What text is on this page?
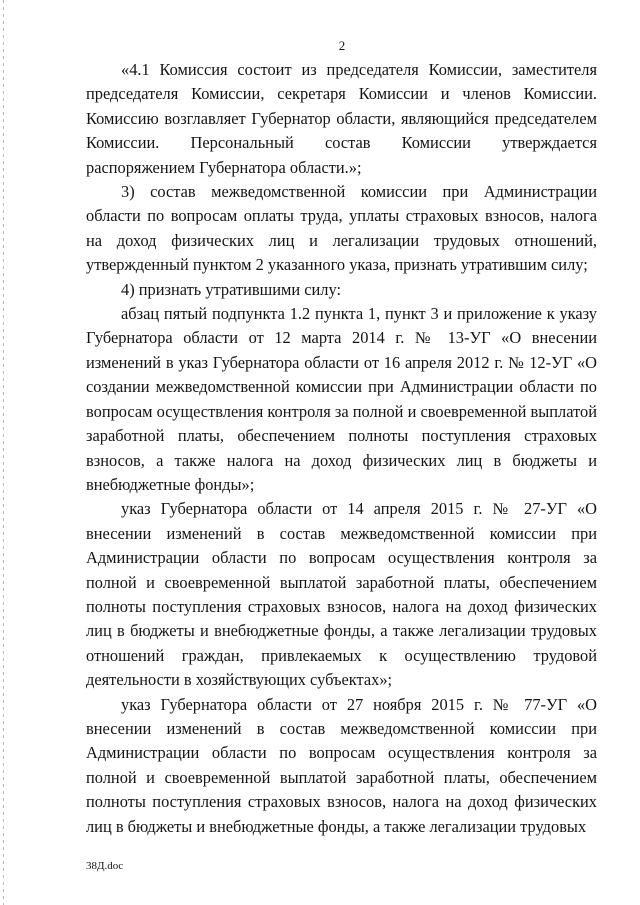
2

«4.1 Комиссия состоит из председателя Комиссии, заместителя председателя Комиссии, секретаря Комиссии и членов Комиссии. Комиссию возглавляет Губернатор области, являющийся председателем Комиссии. Персональный состав Комиссии утверждается распоряжением Губернатора области.»;

3) состав межведомственной комиссии при Администрации области по вопросам оплаты труда, уплаты страховых взносов, налога на доход физических лиц и легализации трудовых отношений, утвержденный пунктом 2 указанного указа, признать утратившим силу;

4) признать утратившими силу:

абзац пятый подпункта 1.2 пункта 1, пункт 3 и приложение к указу Губернатора области от 12 марта 2014 г. № 13-УГ «О внесении изменений в указ Губернатора области от 16 апреля 2012 г. № 12-УГ «О создании межведомственной комиссии при Администрации области по вопросам осуществления контроля за полной и своевременной выплатой заработной платы, обеспечением полноты поступления страховых взносов, а также налога на доход физических лиц в бюджеты и внебюджетные фонды»;

указ Губернатора области от 14 апреля 2015 г. № 27-УГ «О внесении изменений в состав межведомственной комиссии при Администрации области по вопросам осуществления контроля за полной и своевременной выплатой заработной платы, обеспечением полноты поступления страховых взносов, налога на доход физических лиц в бюджеты и внебюджетные фонды, а также легализации трудовых отношений граждан, привлекаемых к осуществлению трудовой деятельности в хозяйствующих субъектах»;

указ Губернатора области от 27 ноября 2015 г. № 77-УГ «О внесении изменений в состав межведомственной комиссии при Администрации области по вопросам осуществления контроля за полной и своевременной выплатой заработной платы, обеспечением полноты поступления страховых взносов, налога на доход физических лиц в бюджеты и внебюджетные фонды, а также легализации трудовых

38Д.doc
